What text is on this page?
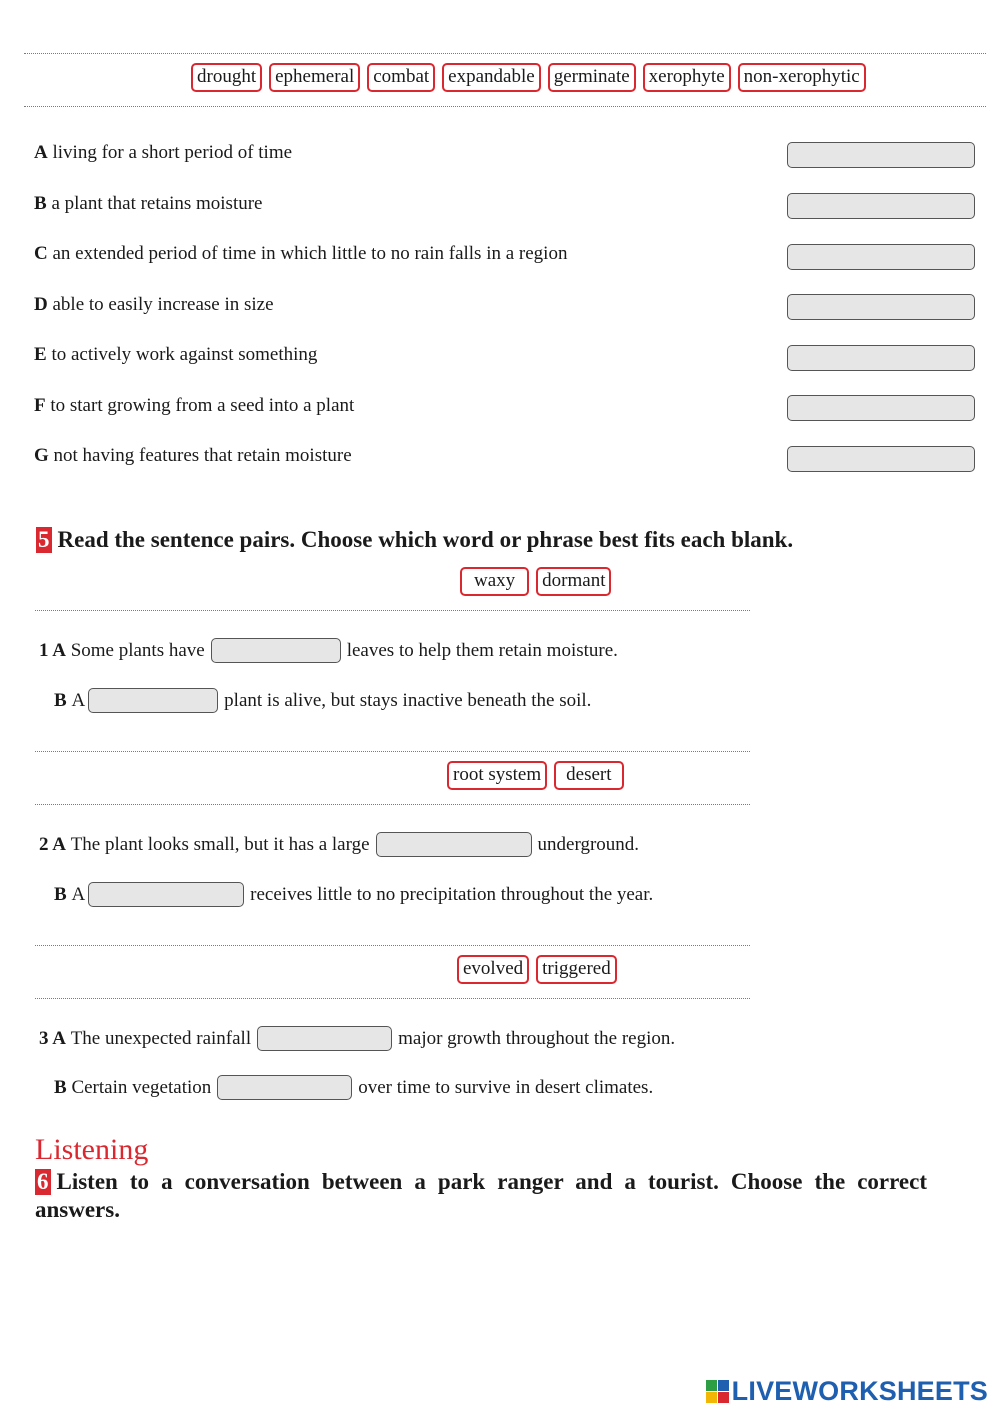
drought	ephemeral	combat	expandable	germinate	xerophyte	non-xerophytic
A living for a short period of time
B a plant that retains moisture
C an extended period of time in which little to no rain falls in a region
D able to easily increase in size
E to actively work against something
F to start growing from a seed into a plant
G not having features that retain moisture
5 Read the sentence pairs. Choose which word or phrase best fits each blank.
waxy	dormant
1 A
Some plants have	leaves to help them retain moisture.
B
A	plant is alive, but stays inactive beneath the soil.
root system	desert
2 A
The plant looks small, but it has a large	underground.
B
A	receives little to no precipitation throughout the year.
evolved	triggered
3 A
The unexpected rainfall	major growth throughout the region.
B
Certain vegetation	over time to survive in desert climates.
Listening
6 Listen to a conversation between a park ranger and a tourist. Choose the correct answers.
LIVEWORKSHEETS
